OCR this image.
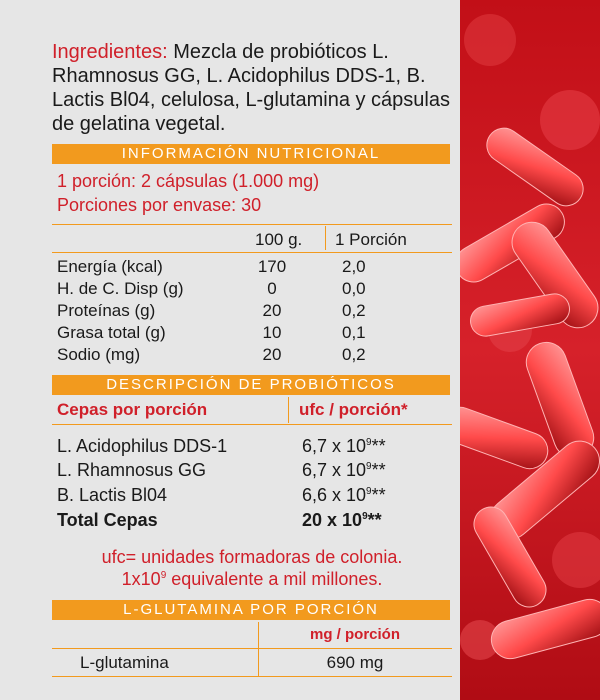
Ingredientes: Mezcla de probióticos L. Rhamnosus GG, L. Acidophilus DDS-1, B. Lactis Bl04, celulosa, L-glutamina y cápsulas de gelatina vegetal.
INFORMACIÓN NUTRICIONAL
1 porción: 2 cápsulas (1.000 mg)
Porciones por envase: 30
100 g. 1 Porción
Energía (kcal)	170	2,0
H. de C. Disp (g)	0	0,0
Proteínas (g)	20	0,2
Grasa total (g)	10	0,1
Sodio (mg)	20	0,2
DESCRIPCIÓN DE PROBIÓTICOS
Cepas por porción	ufc / porción*
L. Acidophilus DDS-1	6,7 x $10^9**$
L. Rhamnosus GG	6,7 x $10^9**$
B. Lactis Bl04	6,6 x $10^9**$
Total Cepas	20 x $10^9**$
ufc= unidades formadoras de colonia.
$1x10^9$ equivalente a mil millones.
L-GLUTAMINA POR PORCIÓN
mg / porción
L-glutamina	690 mg
